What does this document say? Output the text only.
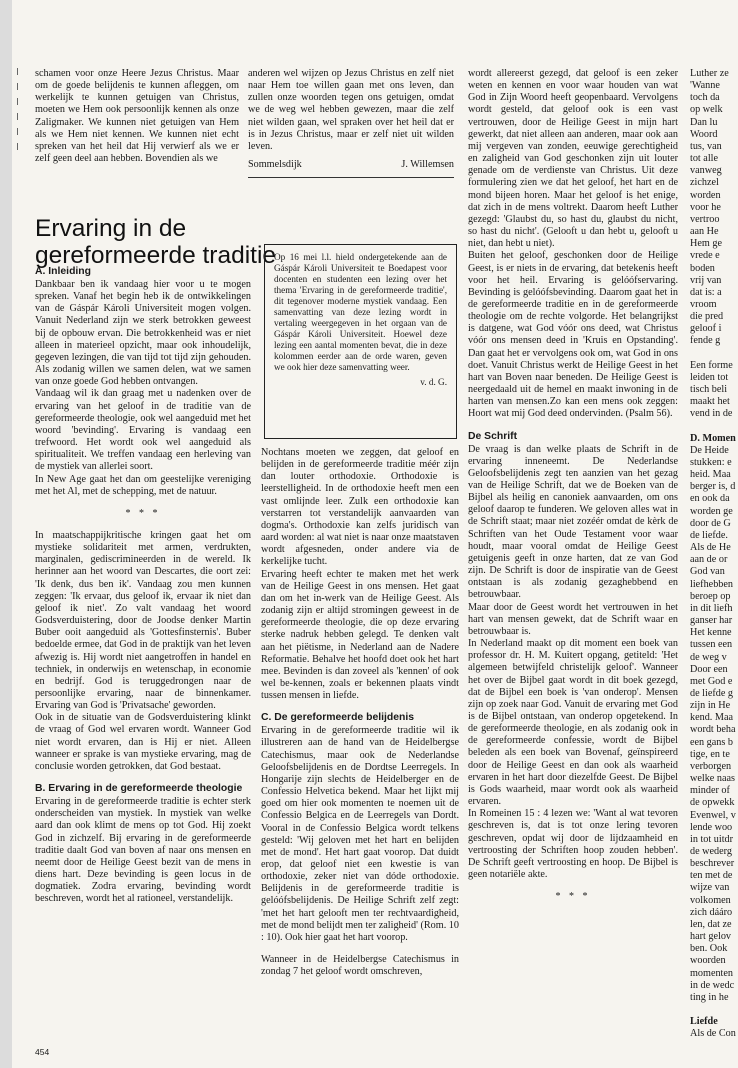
schamen voor onze Heere Jezus Christus. Maar om de goede belijdenis te kunnen afleggen, om werkelijk te kunnen getuigen van Christus, moeten we Hem ook persoonlijk kennen als onze Zaligmaker. We kunnen niet getuigen van Hem als we Hem niet kennen. We kunnen niet echt spreken van het heil dat Hij verwierf als we er zelf geen deel aan hebben. Bovendien als we

anderen wel wijzen op Jezus Christus en zelf niet naar Hem toe willen gaan met ons leven, dan zullen onze woorden tegen ons getuigen, omdat we de weg wel hebben gewezen, maar die zelf niet wilden gaan, wel spraken over het heil dat er is in Jezus Christus, maar er zelf niet uit wilden leven.

Sommelsdijk	J. Willemsen
Ervaring in de gereformeerde traditie
Op 16 mei l.l. hield ondergetekende aan de Gáspár Károli Universiteit te Boedapest voor docenten en studenten een lezing over het thema 'Ervaring in de gereformeerde traditie', dit tegenover moderne mystiek vandaag. Een samenvatting van deze lezing wordt in vertaling weergegeven in het orgaan van de Gáspár Károli Universiteit. Hoewel deze lezing een aantal momenten bevat, die in deze kolommen eerder aan de orde waren, geven we ook hier deze samenvatting weer.
v. d. G.
A. Inleiding

Dankbaar ben ik vandaag hier voor u te mogen spreken. Vanaf het begin heb ik de ontwikkelingen van de Gáspár Károli Universiteit mogen volgen. Vanuit Nederland zijn we sterk betrokken geweest bij de opbouw ervan. Die betrokkenheid was er niet alleen in materieel opzicht, maar ook inhoudelijk, gegeven lezingen, die van tijd tot tijd zijn gehouden. Als zodanig willen we samen delen, wat we samen van onze goede God hebben ontvangen.

Vandaag wil ik dan graag met u nadenken over de ervaring van het geloof in de traditie van de gereformeerde theologie, ook wel aangeduid met het woord 'bevinding'. Ervaring is vandaag een trefwoord. Het wordt ook wel aangeduid als spiritualiteit. We treffen vandaag een herleving van de mystiek van allerlei soort.

In New Age gaat het dan om geestelijke vereniging met het Al, met de schepping, met de natuur.

* * *

In maatschappijkritische kringen gaat het om mystieke solidariteit met armen, verdrukten, marginalen, gediscrimineerden in de wereld. Ik herinner aan het woord van Descartes, die oort zei: 'Ik denk, dus ben ik'. Vandaag zou men kunnen zeggen: 'Ik ervaar, dus geloof ik, ervaar ik niet dan geloof ik niet'. Zo valt vandaag het woord Godsverduistering, door de Joodse denker Martin Buber ooit aangeduid als 'Gottesfinsternis'. Buber bedoelde ermee, dat God in de praktijk van het leven afwezig is. Hij wordt niet aangetroffen in handel en techniek, in onderwijs en wetenschap, in economie en bedrijf. God is teruggedrongen naar de persoonlijke ervaring, naar de binnenkamer. Ervaring van God is 'Privatsache' geworden.

Ook in de situatie van de Godsverduistering klinkt de vraag of God wel ervaren wordt. Wanneer God niet wordt ervaren, dan is Hij er niet. Alleen wanneer er sprake is van mystieke ervaring, mag de conclusie worden getrokken, dat God bestaat.

B. Ervaring in de gereformeerde theologie

Ervaring in de gereformeerde traditie is echter sterk onderscheiden van mystiek. In mystiek van welke aard dan ook klimt de mens op tot God. Hij zoekt God in zichzelf. Bij ervaring in de gereformeerde traditie daalt God van boven af naar ons mensen en neemt door de Heilige Geest bezit van de mens in diens hart. Deze bevinding is geen locus in de dogmatiek. Zodra ervaring, bevinding wordt beschreven, wordt het al rationeel, verstandelijk.

Nochtans moeten we zeggen, dat geloof en belijden in de gereformeerde traditie méér zijn dan louter orthodoxie. Orthodoxie is leerstelligheid. In de orthodoxie heeft men een vast omlijnde leer. Zulk een orthodoxie kan verstarren tot verstandelijk aanvaarden van dogma's. Orthodoxie kan zelfs juridisch van aard worden: al wat niet is naar onze maatstaven wordt afgesneden, onder andere via de kerkelijke tucht.

Ervaring heeft echter te maken met het werk van de Heilige Geest in ons mensen. Het gaat dan om het in-werk van de Heilige Geest. Als zodanig zijn er altijd stromingen geweest in de gereformeerde theologie, die op deze ervaring sterke nadruk hebben gelegd. Te denken valt aan het piëtisme, in Nederland aan de Nadere Reformatie. Behalve het hoofd doet ook het hart mee. Bevinden is dan zoveel als 'kennen' of ook wel be-kennen, zoals er bekennen plaats vindt tussen mensen in liefde.

C. De gereformeerde belijdenis

Ervaring in de gereformeerde traditie wil ik illustreren aan de hand van de Heidelbergse Catechismus, maar ook de Nederlandse Geloofsbelijdenis en de Dordtse Leerregels. In Hongarije zijn slechts de Heidelberger en de Confessio Helvetica bekend. Maar het lijkt mij goed om hier ook momenten te noemen uit de Confessio Belgica en de Leerregels van Dordt. Vooral in de Confessio Belgica wordt telkens gesteld: 'Wij geloven met het hart en belijden met de mond'. Het hart gaat voorop. Dat duidt erop, dat geloof niet een kwestie is van orthodoxie, zeker niet van dóde orthodoxie. Belijdenis in de gereformeerde traditie is gelóófsbelijdenis. De Heilige Schrift zelf zegt: 'met het hart gelooft men ter rechtvaardigheid, met de mond belijdt men ter zaligheid' (Rom. 10 : 10). Ook hier gaat het hart voorop.

Wanneer in de Heidelbergse Catechismus in zondag 7 het geloof wordt omschreven,

wordt allereerst gezegd, dat geloof is een zeker weten en kennen en voor waar houden van wat God in Zijn Woord heeft geopenbaard. Vervolgens wordt gesteld, dat geloof ook is een vast vertrouwen, door de Heilige Geest in mijn hart gewerkt, dat niet alleen aan anderen, maar ook aan mij vergeven van zonden, eeuwige gerechtigheid en zaligheid van God geschonken zijn uit louter genade om de verdienste van Christus. Uit deze formulering zien we dat het geloof, het hart en de mond bijeen horen. Maar het geloof is het enige, dat zich in de mens voltrekt. Daarom heeft Luther gezegd: 'Glaubst du, so hast du, glaubst du nicht, so hast du nicht'. (Gelooft u dan hebt u, gelooft u niet, dan hebt u niet).

Buiten het geloof, geschonken door de Heilige Geest, is er niets in de ervaring, dat betekenis heeft voor het heil. Ervaring is gelóófservaring. Bevinding is gelóófsbevinding. Daarom gaat het in de gereformeerde traditie en in de gereformeerde theologie om de rechte volgorde. Het belangrijkst is datgene, wat God vóór ons deed, wat Christus vóór ons mensen deed in 'Kruis en Opstanding'. Dan gaat het er vervolgens ook om, wat God in ons doet. Vanuit Christus werkt de Heilige Geest in het hart van Boven naar beneden. De Heilige Geest is neergedaald uit de hemel en maakt inwoning in de harten van mensen.Zo kan een mens ook zeggen: Hoort wat mij God deed ondervinden. (Psalm 56).

De Schrift

De vraag is dan welke plaats de Schrift in de ervaring inneneemt. De Nederlandse Geloofsbelijdenis zegt ten aanzien van het gezag van de Heilige Schrift, dat we de Boeken van de Bijbel als heilig en canoniek aanvaarden, om ons geloof daarop te funderen. We geloven alles wat in de Schrift staat; maar niet zozéér omdat de kèrk de Schriften van het Oude Testament voor waar houdt, maar vooral omdat de Heilige Geest getuigenis geeft in onze harten, dat ze van God zijn. De Schrift is door de inspiratie van de Geest ontstaan is als zodanig gezaghebbend en betrouwbaar.

Maar door de Geest wordt het vertrouwen in het hart van mensen gewekt, dat de Schrift waar en betrouwbaar is.

In Nederland maakt op dit moment een boek van professor dr. H. M. Kuitert opgang, getiteld: 'Het algemeen betwijfeld christelijk geloof'. Wanneer het over de Bijbel gaat wordt in dit boek gezegd, dat de Bijbel een boek is 'van onderop'. Mensen zijn op zoek naar God. Vanuit de ervaring met God is de Bijbel ontstaan, van onderop opgetekend. In de gereformeerde theologie, en als zodanig ook in de gereformeerde confessie, wordt de Bijbel beleden als een boek van Bovenaf, geïnspireerd door de Heilige Geest en dan ook als waarheid ervaren in het hart door diezelfde Geest. De Bijbel is Gods waarheid, maar wordt ook als waarheid ervaren.

In Romeinen 15 : 4 lezen we: 'Want al wat tevoren geschreven is, dat is tot onze lering tevoren geschreven, opdat wij door de lijdzaamheid en vertroosting der Schriften hoop zouden hebben'. De Schrift geeft vertroosting en hoop. De Bijbel is geen notariële akte.

* * *

Luther ze

'Wanne

toch da

op welk

Dan lu

Woord

tus, van

tot alle

vanweg

zichzel

worden

voor he

vertroo

aan He

Hem ge

vrede e

boden

vrij van

dat is: a

vroom

die pred

geloof i

fende g

Een forme

leiden tot

tisch beli

maakt het

vend in de

D. Momen

De Heide

stukken: e

heid. Maa

berger is, d

en ook da

worden ge

door de G

de liefde.

Als de He

aan de or

God van

liefhebben

beroep op

in dit liefh

ganser har

Het kenne

tussen een

de weg v

Door een

met God e

de liefde g

zijn in He

kend. Maa

wordt beha

een gans b

tige, en te

verborgen

welke naas

minder of

de opwekk

Evenwel, v

lende woo

in tot uitdr

de wederg

beschrever

ten met de

wijze van

volkomen

zich dááro

len, dat ze

hart gelov

ben. Ook

woorden

momenten

in de wedc

ting in he

Liefde

Als de Con

454
